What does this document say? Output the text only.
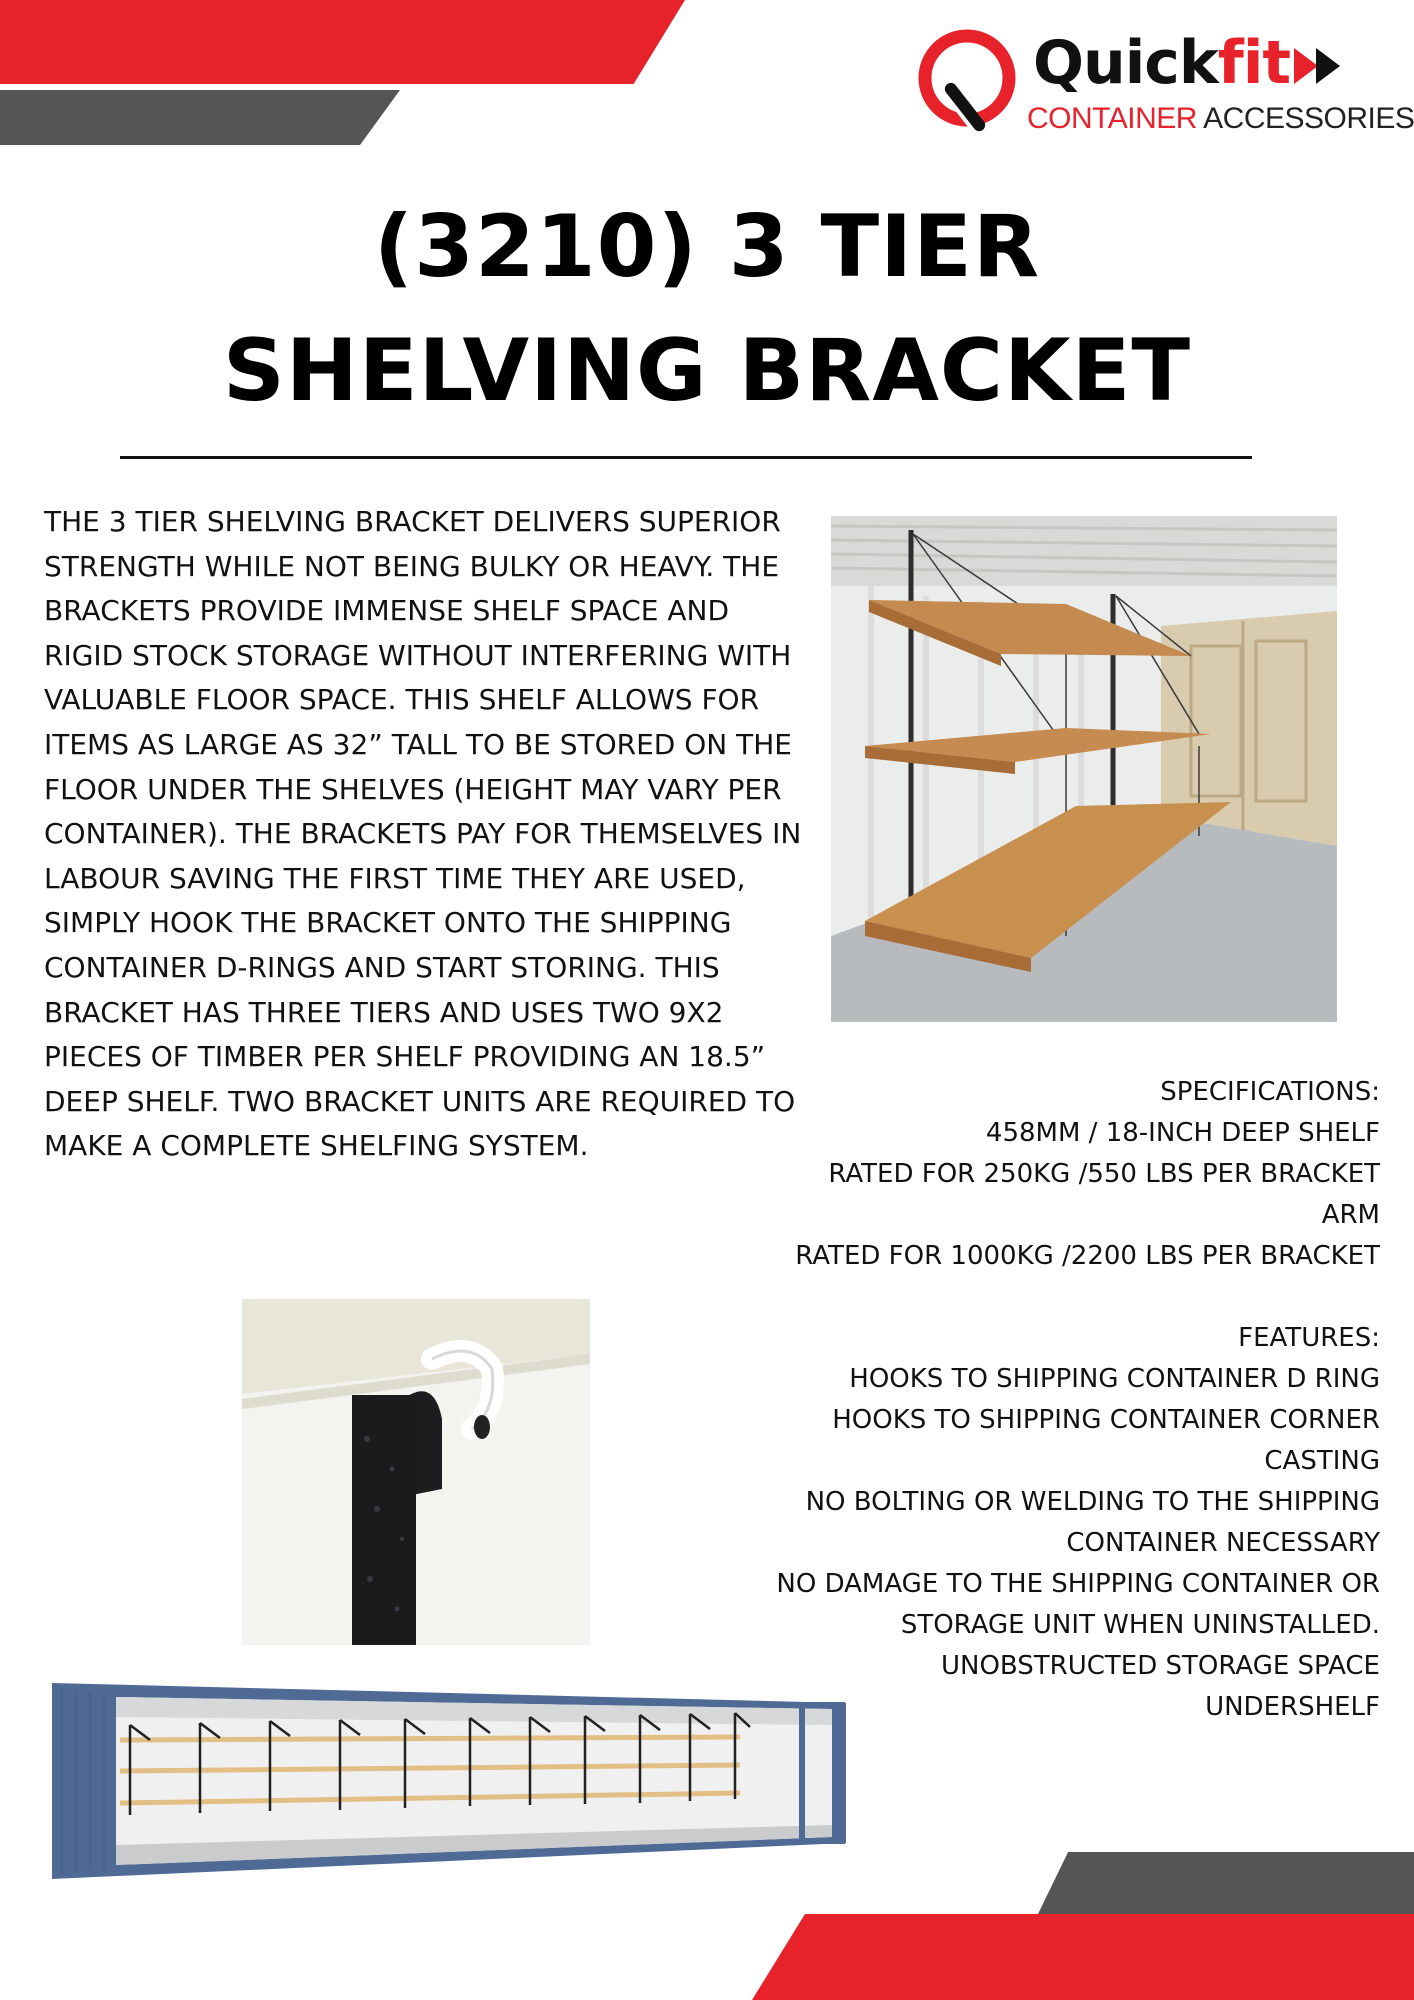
Quickfit
CONTAINER ACCESSORIES
(3210) 3 TIER
SHELVING BRACKET
THE 3 TIER SHELVING BRACKET DELIVERS SUPERIOR STRENGTH WHILE NOT BEING BULKY OR HEAVY. THE BRACKETS PROVIDE IMMENSE SHELF SPACE AND RIGID STOCK STORAGE WITHOUT INTERFERING WITH VALUABLE FLOOR SPACE. THIS SHELF ALLOWS FOR ITEMS AS LARGE AS 32” TALL TO BE STORED ON THE FLOOR UNDER THE SHELVES (HEIGHT MAY VARY PER CONTAINER). THE BRACKETS PAY FOR THEMSELVES IN LABOUR SAVING THE FIRST TIME THEY ARE USED, SIMPLY HOOK THE BRACKET ONTO THE SHIPPING CONTAINER D-RINGS AND START STORING. THIS BRACKET HAS THREE TIERS AND USES TWO 9X2 PIECES OF TIMBER PER SHELF PROVIDING AN 18.5” DEEP SHELF. TWO BRACKET UNITS ARE REQUIRED TO MAKE A COMPLETE SHELFING SYSTEM.
SPECIFICATIONS:
458MM / 18-INCH DEEP SHELF
RATED FOR 250KG /550 LBS PER BRACKET ARM
RATED FOR 1000KG /2200 LBS PER BRACKET
FEATURES:
HOOKS TO SHIPPING CONTAINER D RING
HOOKS TO SHIPPING CONTAINER CORNER CASTING
NO BOLTING OR WELDING TO THE SHIPPING CONTAINER NECESSARY
NO DAMAGE TO THE SHIPPING CONTAINER OR STORAGE UNIT WHEN UNINSTALLED.
UNOBSTRUCTED STORAGE SPACE UNDERSHELF
